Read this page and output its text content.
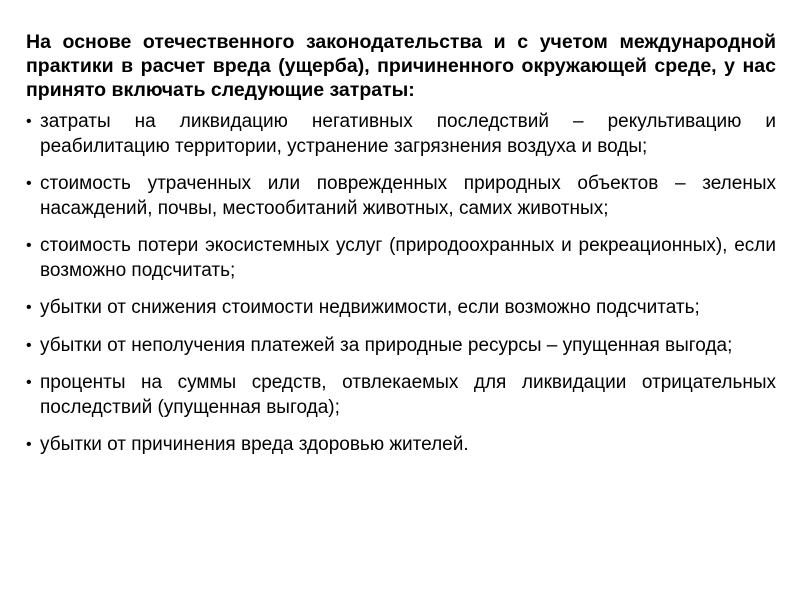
На основе отечественного законодательства и с учетом международной практики в расчет вреда (ущерба), причиненного окружающей среде, у нас принято включать следующие затраты:

• затраты на ликвидацию негативных последствий – рекультивацию и реабилитацию территории, устранение загрязнения воздуха и воды;
• стоимость утраченных или поврежденных природных объектов – зеленых насаждений, почвы, местообитаний животных, самих животных;
• стоимость потери экосистемных услуг (природоохранных и рекреационных), если возможно подсчитать;
• убытки от снижения стоимости недвижимости, если возможно подсчитать;
• убытки от неполучения платежей за природные ресурсы – упущенная выгода;
• проценты на суммы средств, отвлекаемых для ликвидации отрицательных последствий (упущенная выгода);
• убытки от причинения вреда здоровью жителей.
